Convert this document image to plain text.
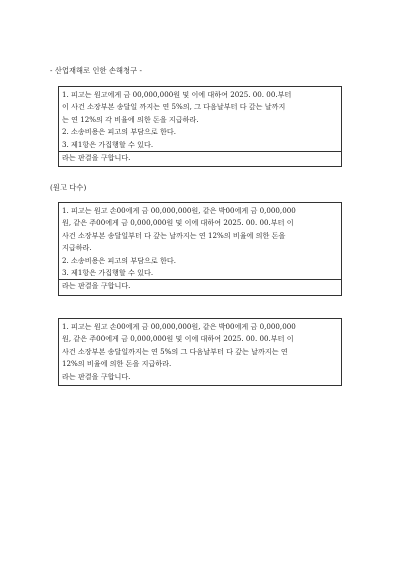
- 산업재해로 인한 손해청구 -
1. 피고는 원고에게 금 00,000,000원 및 이에 대하여 2025. 00. 00.부터
이 사건 소장부본 송달일 까지는 연 5%의, 그 다음날부터 다 갚는 날까지
는 연 12%의 각 비율에 의한 돈을 지급하라.
2. 소송비용은 피고의 부담으로 한다.
3. 제1항은 가집행할 수 있다.
라는 판결을 구합니다.
(원고 다수)
1. 피고는 원고 손00에게 금 00,000,000원, 같은 박00에게 금 0,000,000
원, 같은 주00에게 금 0,000,000원 및 이에 대하여 2025. 00. 00.부터 이
사건 소장부본 송달일부터 다 갚는 날까지는 연 12%의 비율에 의한 돈을
지급하라.
2. 소송비용은 피고의 부담으로 한다.
3. 제1항은 가집행할 수 있다.
라는 판결을 구합니다.
1. 피고는 원고 손00에게 금 00,000,000원, 같은 박00에게 금 0,000,000
원, 같은 주00에게 금 0,000,000원 및 이에 대하여 2025. 00. 00.부터 이
사건 소장부본 송달일까지는 연 5%의 그 다음날부터 다 갚는 날까지는 연
12%의 비율에 의한 돈을 지급하라.
라는 판결을 구합니다.
